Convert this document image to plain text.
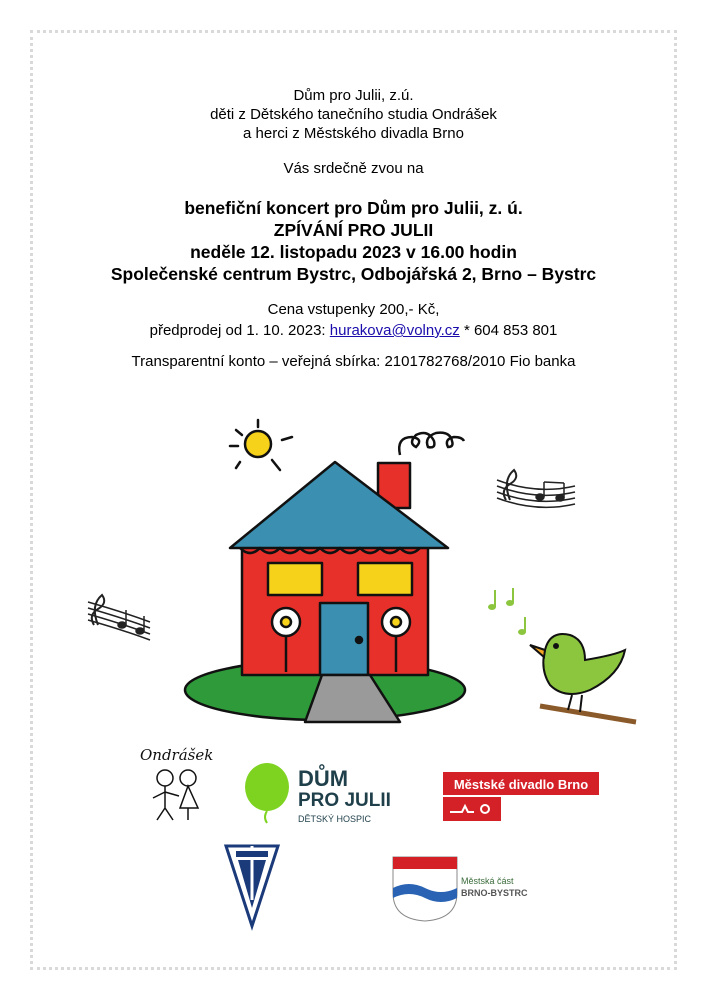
Dům pro Julii, z.ú.
děti z Dětského tanečního studia Ondrášek
a herci z Městského divadla Brno
Vás srdečně zvou na
benefiční koncert pro Dům pro Julii, z. ú.
ZPÍVÁNÍ PRO JULII
neděle 12. listopadu 2023 v 16.00 hodin
Společenské centrum Bystrc, Odbojářská 2, Brno – Bystrc
Cena vstupenky 200,- Kč,
předprodej od 1. 10. 2023: hurakova@volny.cz * 604 853 801
Transparentní konto – veřejná sbírka: 2101782768/2010 Fio banka
Ondrášek
DŮM
PRO JULII
DĚTSKÝ HOSPIC
Městské divadlo Brno
Městská část
BRNO-BYSTRC
